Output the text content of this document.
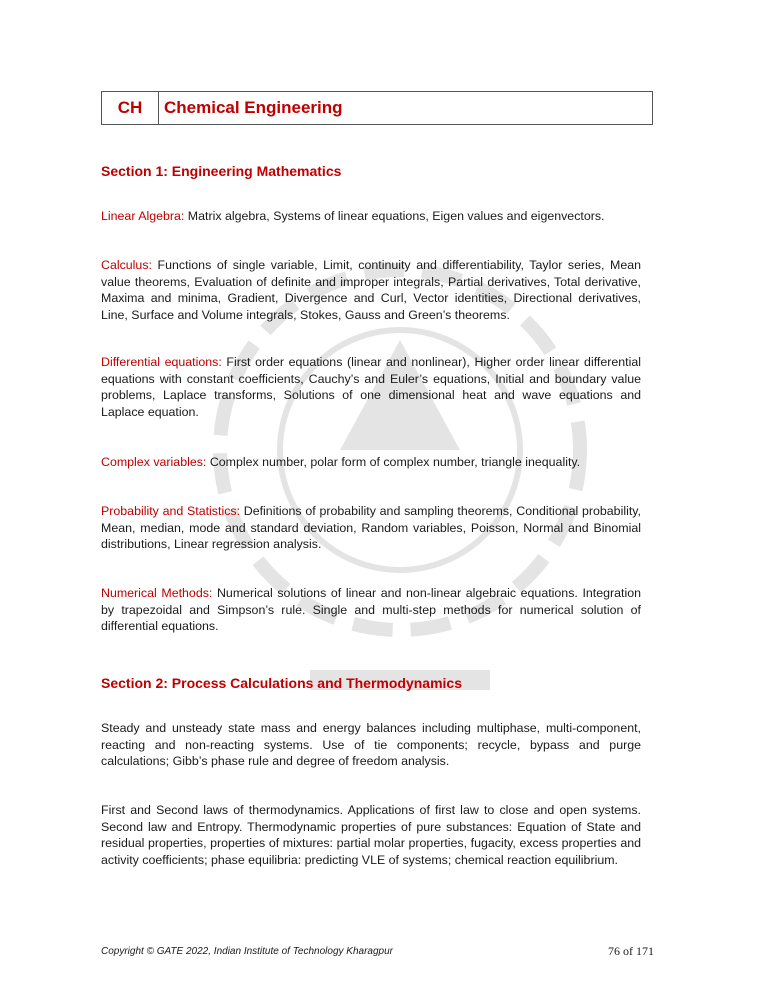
CH	Chemical Engineering
Section 1: Engineering Mathematics
Linear Algebra: Matrix algebra, Systems of linear equations, Eigen values and eigenvectors.
Calculus: Functions of single variable, Limit, continuity and differentiability, Taylor series, Mean value theorems, Evaluation of definite and improper integrals, Partial derivatives, Total derivative, Maxima and minima, Gradient, Divergence and Curl, Vector identities, Directional derivatives, Line, Surface and Volume integrals, Stokes, Gauss and Green’s theorems.
Differential equations: First order equations (linear and nonlinear), Higher order linear differential equations with constant coefficients, Cauchy’s and Euler’s equations, Initial and boundary value problems, Laplace transforms, Solutions of one dimensional heat and wave equations and Laplace equation.
Complex variables: Complex number, polar form of complex number, triangle inequality.
Probability and Statistics: Definitions of probability and sampling theorems, Conditional probability, Mean, median, mode and standard deviation, Random variables, Poisson, Normal and Binomial distributions, Linear regression analysis.
Numerical Methods: Numerical solutions of linear and non-linear algebraic equations. Integration by trapezoidal and Simpson’s rule. Single and multi-step methods for numerical solution of differential equations.
Section 2: Process Calculations and Thermodynamics
Steady and unsteady state mass and energy balances including multiphase, multi-component, reacting and non-reacting systems. Use of tie components; recycle, bypass and purge calculations; Gibb’s phase rule and degree of freedom analysis.
First and Second laws of thermodynamics. Applications of first law to close and open systems. Second law and Entropy. Thermodynamic properties of pure substances: Equation of State and residual properties, properties of mixtures: partial molar properties, fugacity, excess properties and activity coefficients; phase equilibria: predicting VLE of systems; chemical reaction equilibrium.
Copyright © GATE 2022, Indian Institute of Technology Kharagpur	76 of 171
